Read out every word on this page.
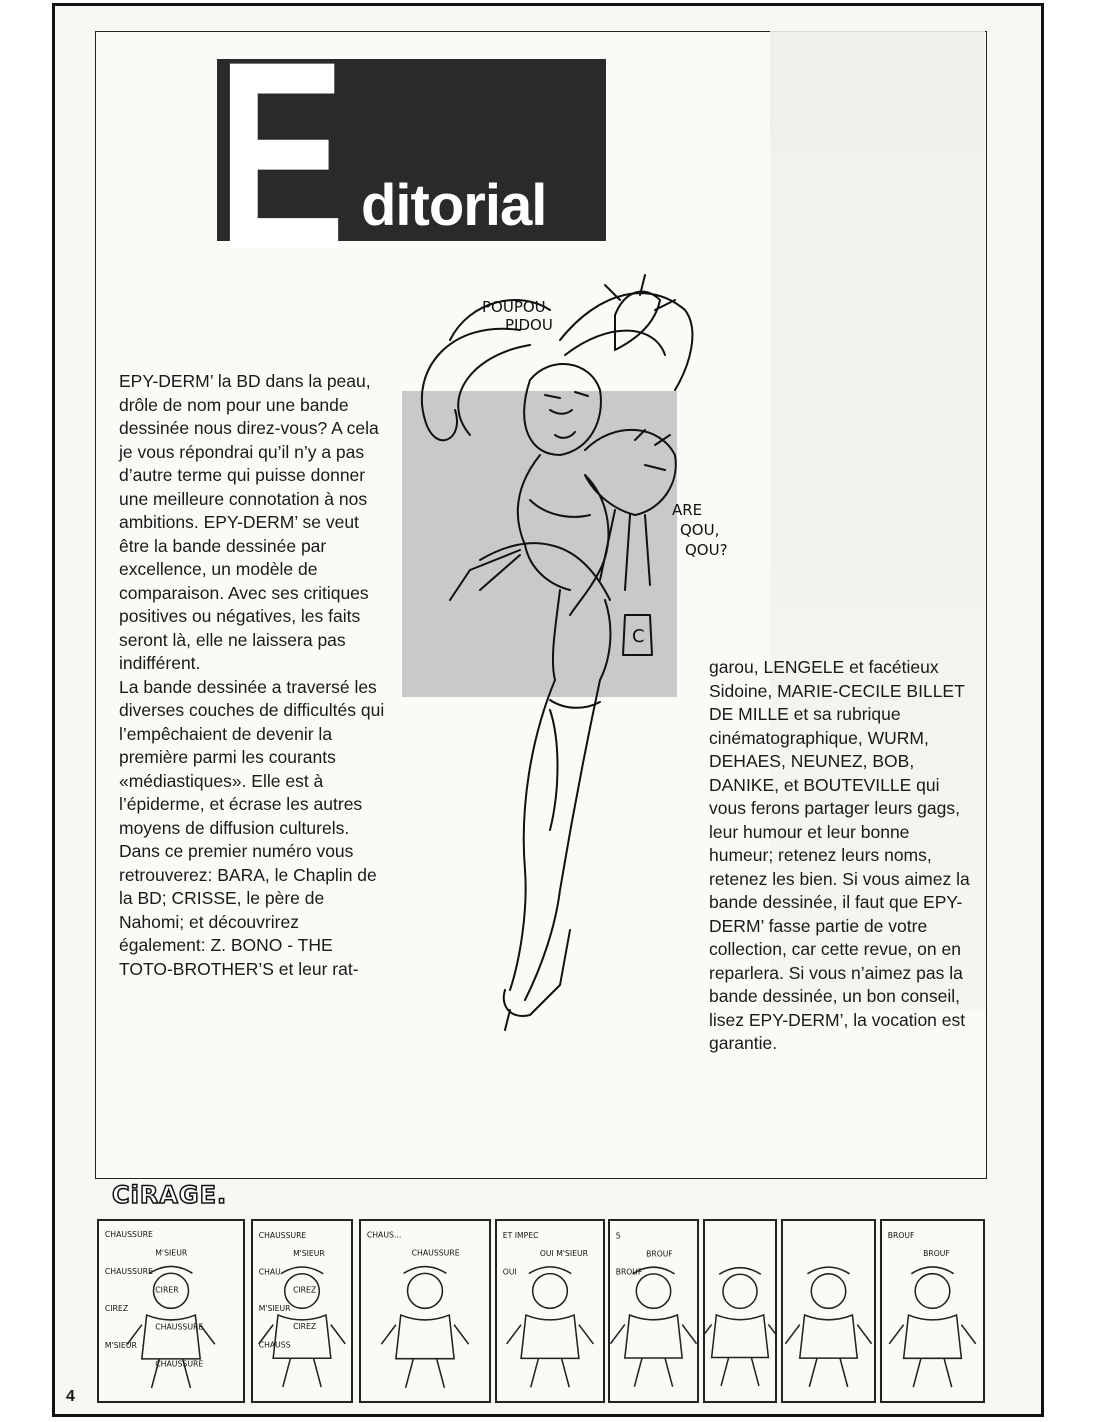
E ditorial
POUPOU
PIDOU
ARE
QOU,
QOU?
C

EPY-DERM’ la BD dans la peau, drôle de nom pour une bande dessinée nous direz-vous? A cela je vous répondrai qu’il n’y a pas d’autre terme qui puisse donner une meilleure connotation à nos ambitions. EPY-DERM’ se veut être la bande dessinée par excellence, un modèle de comparaison. Avec ses critiques positives ou négatives, les faits seront là, elle ne laissera pas indifférent.

La bande dessinée a traversé les diverses couches de difficultés qui l’empêchaient de devenir la première parmi les courants «médiastiques». Elle est à l’épiderme, et écrase les autres moyens de diffusion culturels.

Dans ce premier numéro vous retrouverez: BARA, le Chaplin de la BD; CRISSE, le père de Nahomi; et découvrirez également: Z. BONO - THE TOTO-BROTHER’S et leur rat-

garou, LENGELE et facétieux Sidoine, MARIE-CECILE BILLET DE MILLE et sa rubrique cinématographique, WURM, DEHAES, NEUNEZ, BOB, DANIKE, et BOUTEVILLE qui vous ferons partager leurs gags, leur humour et leur bonne humeur; retenez leurs noms, retenez les bien. Si vous aimez la bande dessinée, il faut que EPY-DERM’ fasse partie de votre collection, car cette revue, on en reparlera. Si vous n’aimez pas la bande dessinée, un bon conseil, lisez EPY-DERM’, la vocation est garantie.

CiRAGE.
CHAUSSURE
M'SIEUR
CHAUSSURE
CIRER
CIREZ
CHAUSSURE
M'SIEUR
CHAUSSURE
CHAUSSURE
M'SIEUR
CHAU
CIREZ
M'SIEUR
CIREZ
CHAUSS
CHAUS...
CHAUSSURE
ET IMPEC
OUI M'SIEUR
OUI
5
BROUF
BROUF
BROUF
BROUF
4
